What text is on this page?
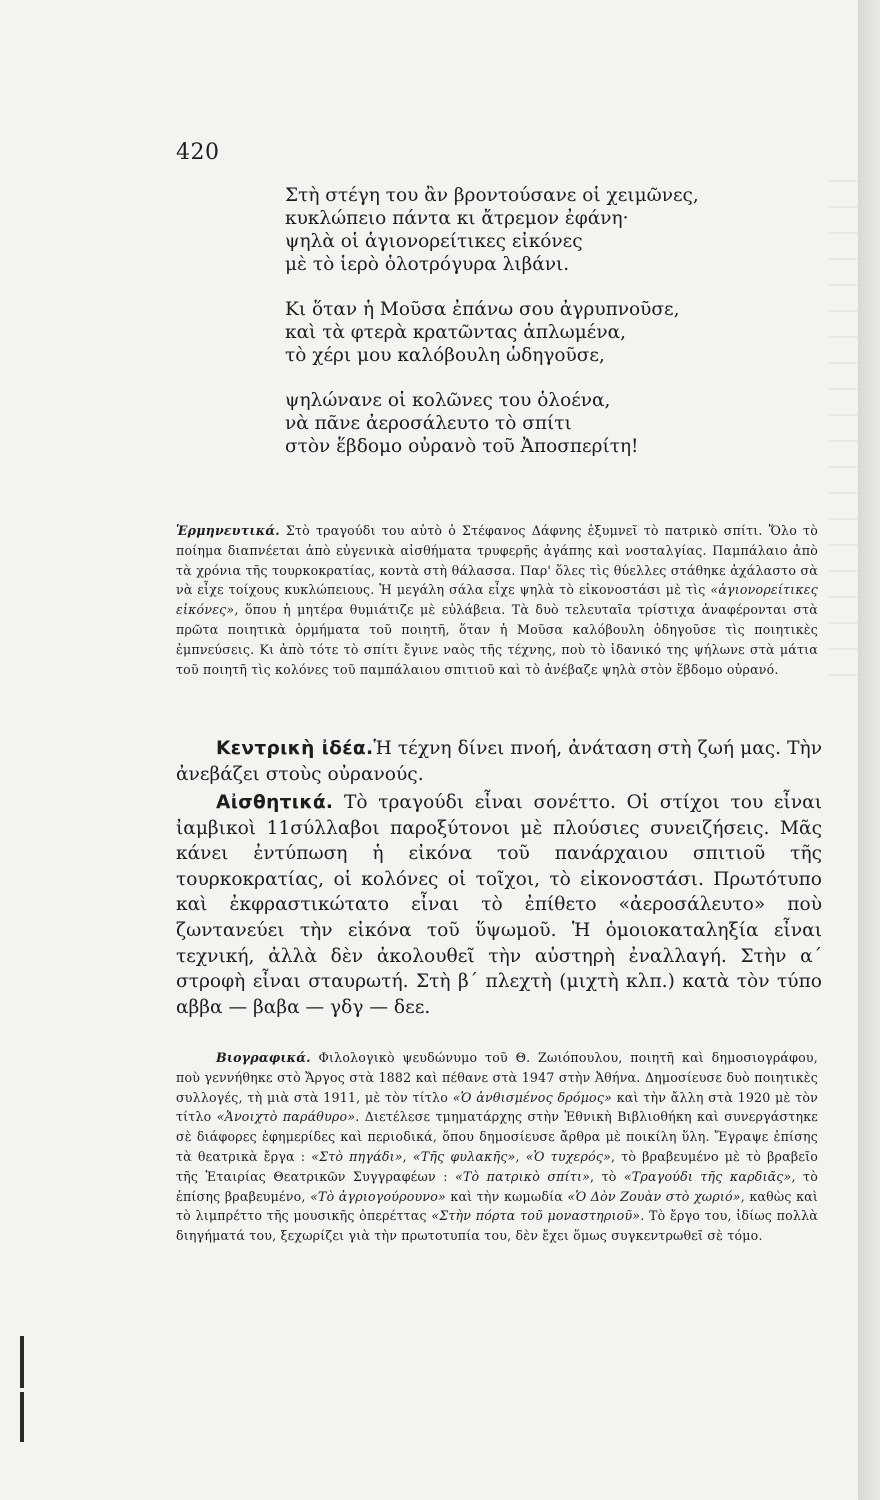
420
Στὴ στέγη του ἂν βροντούσανε οἱ χειμῶνες,
κυκλώπειο πάντα κι ἄτρεμον ἐφάνη·
ψηλὰ οἱ ἁγιονορείτικες εἰκόνες
μὲ τὸ ἱερὸ ὁλοτρόγυρα λιβάνι.
Κι ὅταν ἡ Μοῦσα ἐπάνω σου ἀγρυπνοῦσε,
καὶ τὰ φτερὰ κρατῶντας ἁπλωμένα,
τὸ χέρι μου καλόβουλη ὡδηγοῦσε,
ψηλώνανε οἱ κολῶνες του ὁλοένα,
νὰ πᾶνε ἀεροσάλευτο τὸ σπίτι
στὸν ἕβδομο οὐρανὸ τοῦ Ἀποσπερίτη!
Ἑρμηνευτικά. Στὸ τραγούδι του αὐτὸ ὁ Στέφανος Δάφνης ἐξυμνεῖ τὸ πατρικὸ σπίτι. Ὅλο τὸ ποίημα διαπνέεται ἀπὸ εὐγενικὰ αἰσθήματα τρυφερῆς ἀγάπης καὶ νοσταλγίας. Παμπάλαιο ἀπὸ τὰ χρόνια τῆς τουρκοκρατίας, κοντὰ στὴ θάλασσα. Παρ' ὅλες τὶς θύελλες στάθηκε ἀχάλαστο σὰ νὰ εἶχε τοίχους κυκλώπειους. Ἡ μεγάλη σάλα εἶχε ψηλὰ τὸ εἰκονοστάσι μὲ τὶς «ἁγιονορείτικες εἰκόνες», ὅπου ἡ μητέρα θυμιάτιζε μὲ εὐλάβεια. Τὰ δυὸ τελευταῖα τρίστιχα ἀναφέρονται στὰ πρῶτα ποιητικὰ ὁρμήματα τοῦ ποιητῆ, ὅταν ἡ Μοῦσα καλόβουλη ὁδηγοῦσε τὶς ποιητικὲς ἐμπνεύσεις. Κι ἀπὸ τότε τὸ σπίτι ἔγινε ναὸς τῆς τέχνης, ποὺ τὸ ἰδανικό της ψήλωνε στὰ μάτια τοῦ ποιητῆ τὶς κολόνες τοῦ παμπάλαιου σπιτιοῦ καὶ τὸ ἀνέβαζε ψηλὰ στὸν ἕβδομο οὐρανό.
Κεντρικὴ ἰδέα.Ἡ τέχνη δίνει πνοή, ἀνάταση στὴ ζωή μας. Τὴν ἀνεβάζει στοὺς οὐρανούς.
Αἰσθητικά. Τὸ τραγούδι εἶναι σονέττο. Οἱ στίχοι του εἶναι ἰαμβικοὶ 11σύλλαβοι παροξύτονοι μὲ πλούσιες συνειζήσεις. Μᾶς κάνει ἐντύπωση ἡ εἰκόνα τοῦ πανάρχαιου σπιτιοῦ τῆς τουρκοκρατίας, οἱ κολόνες οἱ τοῖχοι, τὸ εἰκονοστάσι. Πρωτότυπο καὶ ἐκφραστικώτατο εἶναι τὸ ἐπίθετο «ἀεροσάλευτο» ποὺ ζωντανεύει τὴν εἰκόνα τοῦ ὕψωμοῦ. Ἡ ὁμοιοκαταληξία εἶναι τεχνική, ἀλλὰ δὲν ἀκολουθεῖ τὴν αὐστηρὴ ἐναλλαγή. Στὴν α΄ στροφὴ εἶναι σταυρωτή. Στὴ β΄ πλεχτὴ (μιχτὴ κλπ.) κατὰ τὸν τύπο αββα — βαβα — γδγ — δεε.
Βιογραφικά. Φιλολογικὸ ψευδώνυμο τοῦ Θ. Ζωιόπουλου, ποιητῆ καὶ δημοσιογράφου, ποὺ γεννήθηκε στὸ Ἄργος στὰ 1882 καὶ πέθανε στὰ 1947 στὴν Ἀθήνα. Δημοσίευσε δυὸ ποιητικὲς συλλογές, τὴ μιὰ στὰ 1911, μὲ τὸν τίτλο «Ὁ ἀνθισμένος δρόμος» καὶ τὴν ἄλλη στὰ 1920 μὲ τὸν τίτλο «Ἀνοιχτὸ παράθυρο». Διετέλεσε τμηματάρχης στὴν Ἐθνικὴ Βιβλιοθήκη καὶ συνεργάστηκε σὲ διάφορες ἐφημερίδες καὶ περιοδικά, ὅπου δημοσίευσε ἄρθρα μὲ ποικίλη ὕλη. Ἔγραψε ἐπίσης τὰ θεατρικὰ ἔργα : «Στὸ πηγάδι», «Τῆς φυλακῆς», «Ὁ τυχερός», τὸ βραβευμένο μὲ τὸ βραβεῖο τῆς Ἑταιρίας Θεατρικῶν Συγγραφέων : «Τὸ πατρικὸ σπίτι», τὸ «Τραγούδι τῆς καρδιᾶς», τὸ ἐπίσης βραβευμένο, «Τὸ ἀγριογούρουνο» καὶ τὴν κωμωδία «Ὁ Δὸν Ζουὰν στὸ χωριό», καθὼς καὶ τὸ λιμπρέττο τῆς μουσικῆς ὀπερέττας «Στὴν πόρτα τοῦ μοναστηριοῦ». Τὸ ἔργο του, ἰδίως πολλὰ διηγήματά του, ξεχωρίζει γιὰ τὴν πρωτοτυπία του, δὲν ἔχει ὅμως συγκεντρωθεῖ σὲ τόμο.
